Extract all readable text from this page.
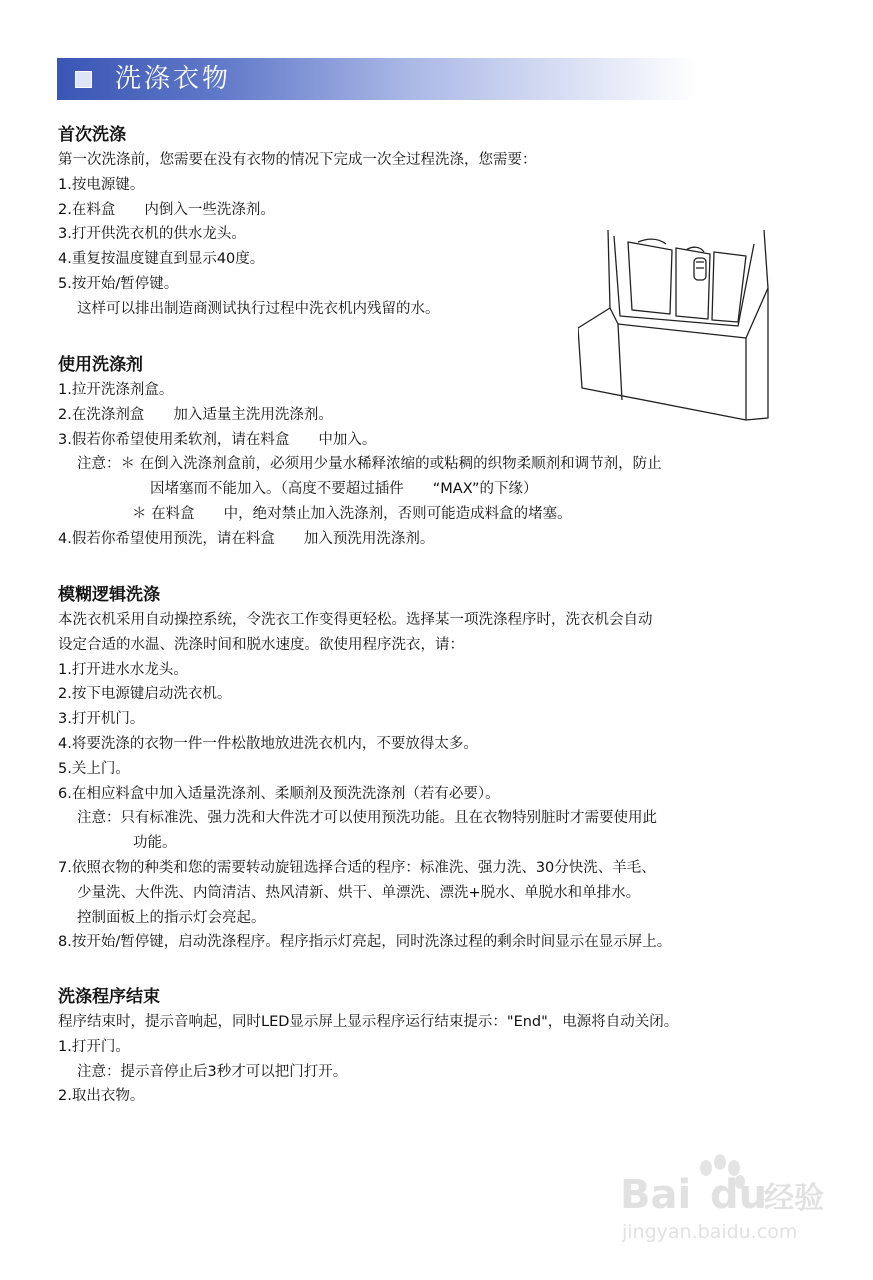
洗涤衣物

首次洗涤

第一次洗涤前，您需要在没有衣物的情况下完成一次全过程洗涤，您需要：

1.按电源键。

2.在料盒　　内倒入一些洗涤剂。

3.打开供洗衣机的供水龙头。

4.重复按温度键直到显示40度。

5.按开始/暂停键。

这样可以排出制造商测试执行过程中洗衣机内残留的水。

使用洗涤剂

1.拉开洗涤剂盒。

2.在洗涤剂盒　　加入适量主洗用洗涤剂。

3.假若你希望使用柔软剂，请在料盒　　中加入。

注意：＊ 在倒入洗涤剂盒前，必须用少量水稀释浓缩的或粘稠的织物柔顺剂和调节剂，防止

因堵塞而不能加入。（高度不要超过插件　　“MAX”的下缘）

＊ 在料盒　　中，绝对禁止加入洗涤剂，否则可能造成料盒的堵塞。

4.假若你希望使用预洗，请在料盒　　加入预洗用洗涤剂。

模糊逻辑洗涤

本洗衣机采用自动操控系统，令洗衣工作变得更轻松。选择某一项洗涤程序时，洗衣机会自动

设定合适的水温、洗涤时间和脱水速度。欲使用程序洗衣，请：

1.打开进水水龙头。

2.按下电源键启动洗衣机。

3.打开机门。

4.将要洗涤的衣物一件一件松散地放进洗衣机内，不要放得太多。

5.关上门。

6.在相应料盒中加入适量洗涤剂、柔顺剂及预洗洗涤剂（若有必要）。

注意：只有标准洗、强力洗和大件洗才可以使用预洗功能。且在衣物特别脏时才需要使用此

功能。

7.依照衣物的种类和您的需要转动旋钮选择合适的程序：标准洗、强力洗、30分快洗、羊毛、

少量洗、大件洗、内筒清洁、热风清新、烘干、单漂洗、漂洗+脱水、单脱水和单排水。

控制面板上的指示灯会亮起。

8.按开始/暂停键，启动洗涤程序。程序指示灯亮起，同时洗涤过程的剩余时间显示在显示屏上。

洗涤程序结束

程序结束时，提示音响起，同时LED显示屏上显示程序运行结束提示："End"，电源将自动关闭。

1.打开门。

注意：提示音停止后3秒才可以把门打开。

2.取出衣物。

Bai du
经验
jingyan.baidu.com
